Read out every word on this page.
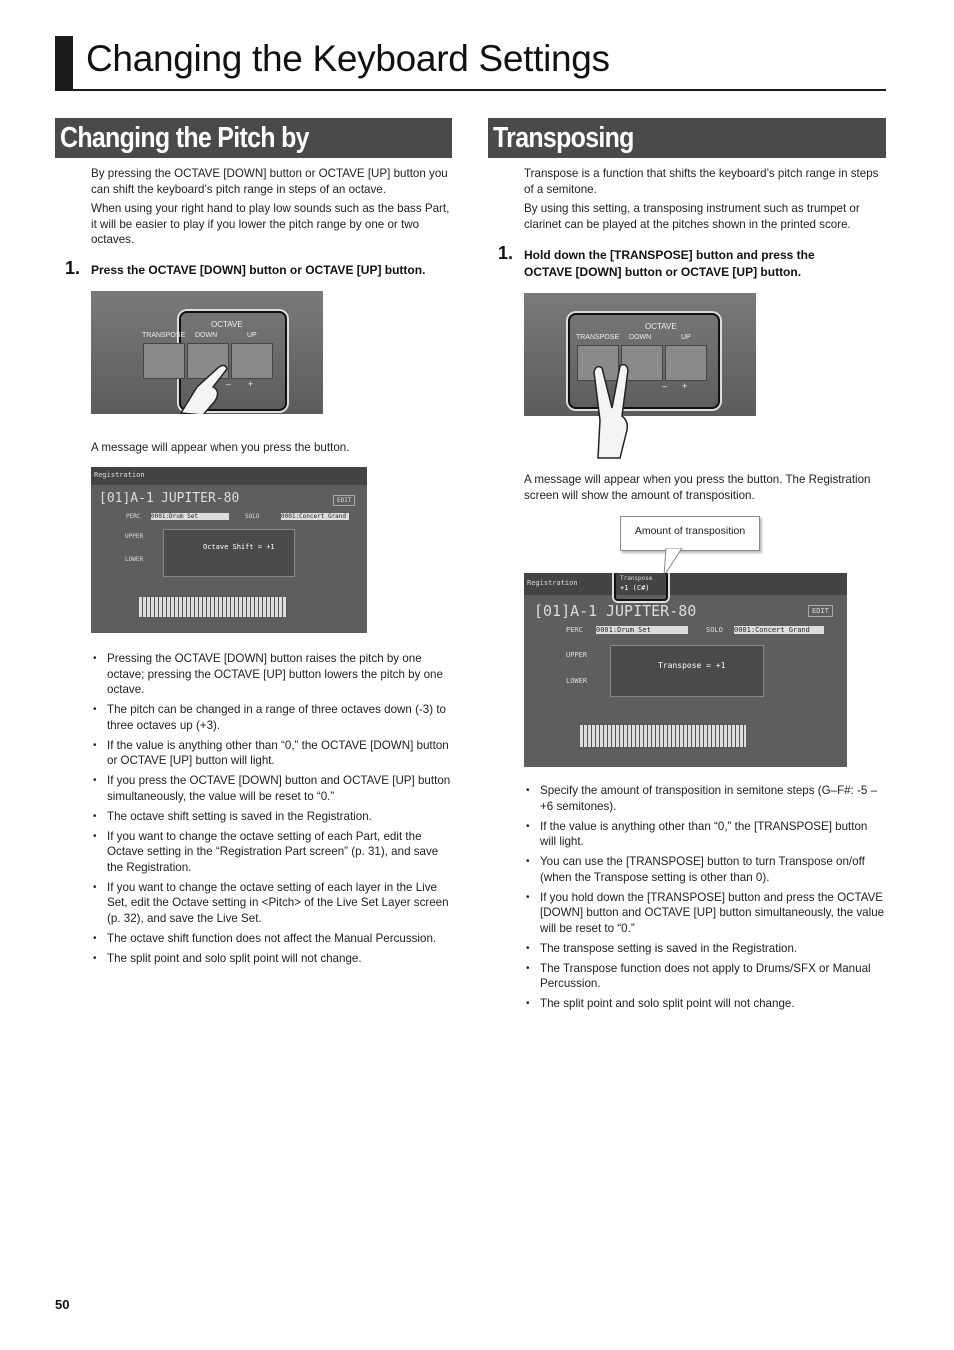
Changing the Keyboard Settings
Changing the Pitch by Octaves
Transposing

By pressing the OCTAVE [DOWN] button or OCTAVE [UP] button you can shift the keyboard’s pitch range in steps of an octave.

When using your right hand to play low sounds such as the bass Part, it will be easier to play if you lower the pitch range by one or two octaves.

1. Press the OCTAVE [DOWN] button or OCTAVE [UP] button.
OCTAVE
TRANSPOSE DOWN	UP
– +

A message will appear when you press the button.

Registration
[01]A-1 JUPITER-80	EDIT
PERC 0001:Drum Set	SOLO	0001:Concert Grand
UPPER
LOWER
Octave Shift = +1
• Pressing the OCTAVE [DOWN] button raises the pitch by one octave; pressing the OCTAVE [UP] button lowers the pitch by one octave.
• The pitch can be changed in a range of three octaves down (-3) to three octaves up (+3).
• If the value is anything other than “0,” the OCTAVE [DOWN] button or OCTAVE [UP] button will light.
• If you press the OCTAVE [DOWN] button and OCTAVE [UP] button simultaneously, the value will be reset to “0.”
• The octave shift setting is saved in the Registration.
• If you want to change the octave setting of each Part, edit the Octave setting in the “Registration Part screen” (p. 31), and save the Registration.
• If you want to change the octave setting of each layer in the Live Set, edit the Octave setting in <Pitch> of the Live Set Layer screen (p. 32), and save the Live Set.
• The octave shift function does not affect the Manual Percussion.
• The split point and solo split point will not change.

Transpose is a function that shifts the keyboard’s pitch range in steps of a semitone.

By using this setting, a transposing instrument such as trumpet or clarinet can be played at the pitches shown in the printed score.

1. Hold down the [TRANSPOSE] button and press the OCTAVE [DOWN] button or OCTAVE [UP] button.
OCTAVE
TRANSPOSE DOWN	UP
– +

A message will appear when you press the button. The Registration screen will show the amount of transposition.

Amount of transposition
Registration
Transpose
+1 (C#)
[01]A-1 JUPITER-80	EDIT
PERC 0001:Drum Set	SOLO 0001:Concert Grand
UPPER
LOWER
Transpose = +1
• Specify the amount of transposition in semitone steps (G–F#: -5 – +6 semitones).
• If the value is anything other than “0,” the [TRANSPOSE] button will light.
• You can use the [TRANSPOSE] button to turn Transpose on/off (when the Transpose setting is other than 0).
• If you hold down the [TRANSPOSE] button and press the OCTAVE [DOWN] button and OCTAVE [UP] button simultaneously, the value will be reset to “0.”
• The transpose setting is saved in the Registration.
• The Transpose function does not apply to Drums/SFX or Manual Percussion.
• The split point and solo split point will not change.
50
